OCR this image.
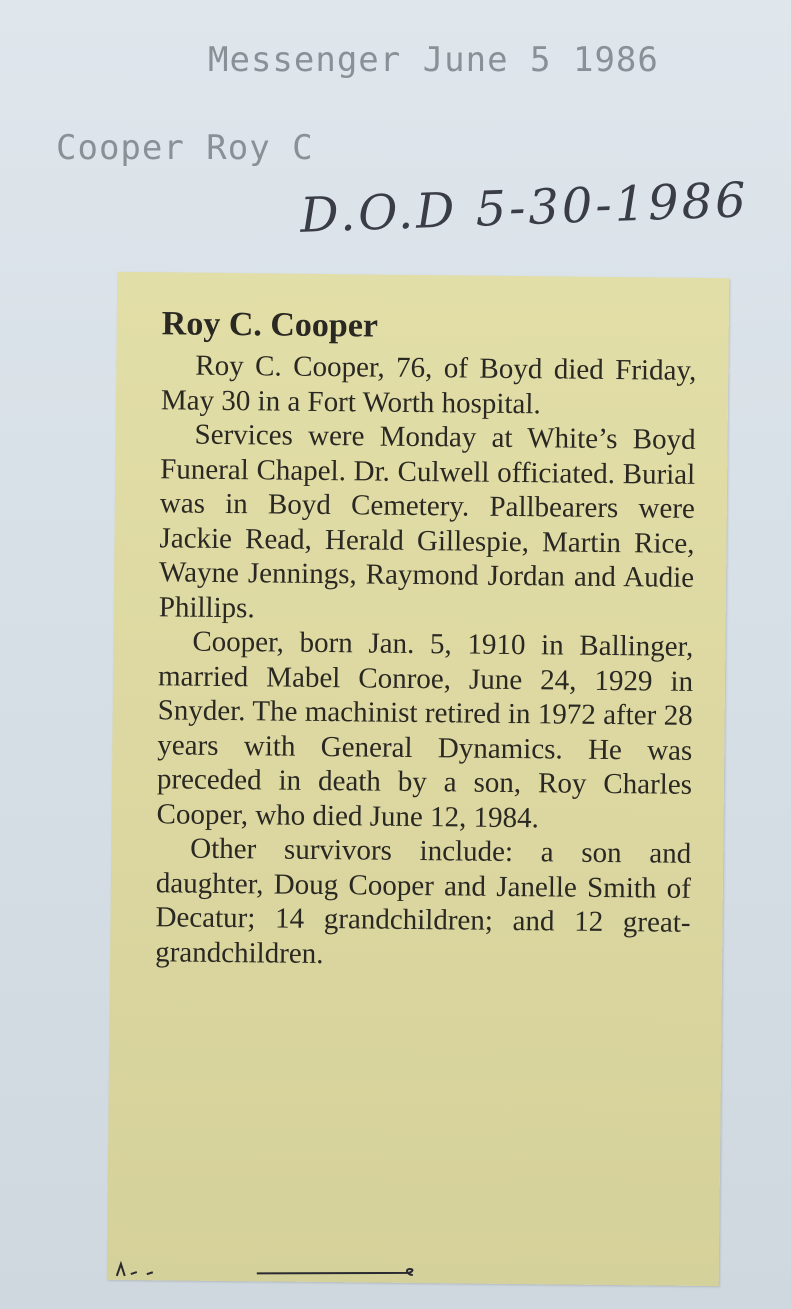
Messenger June 5 1986
Cooper Roy C
D.O.D 5-30-1986
Roy C. Cooper

Roy C. Cooper, 76, of Boyd died Friday, May 30 in a Fort Worth hospital.

Services were Monday at White’s Boyd Funeral Chapel. Dr. Culwell officiated. Burial was in Boyd Cemetery. Pallbearers were Jackie Read, Herald Gillespie, Martin Rice, Wayne Jennings, Raymond Jordan and Audie Phillips.

Cooper, born Jan. 5, 1910 in Ballinger, married Mabel Conroe, June 24, 1929 in Snyder. The machinist retired in 1972 after 28 years with General Dynamics. He was preceded in death by a son, Roy Charles Cooper, who died June 12, 1984.

Other survivors include: a son and daughter, Doug Cooper and Janelle Smith of Decatur; 14 grandchildren; and 12 great-grandchildren.
